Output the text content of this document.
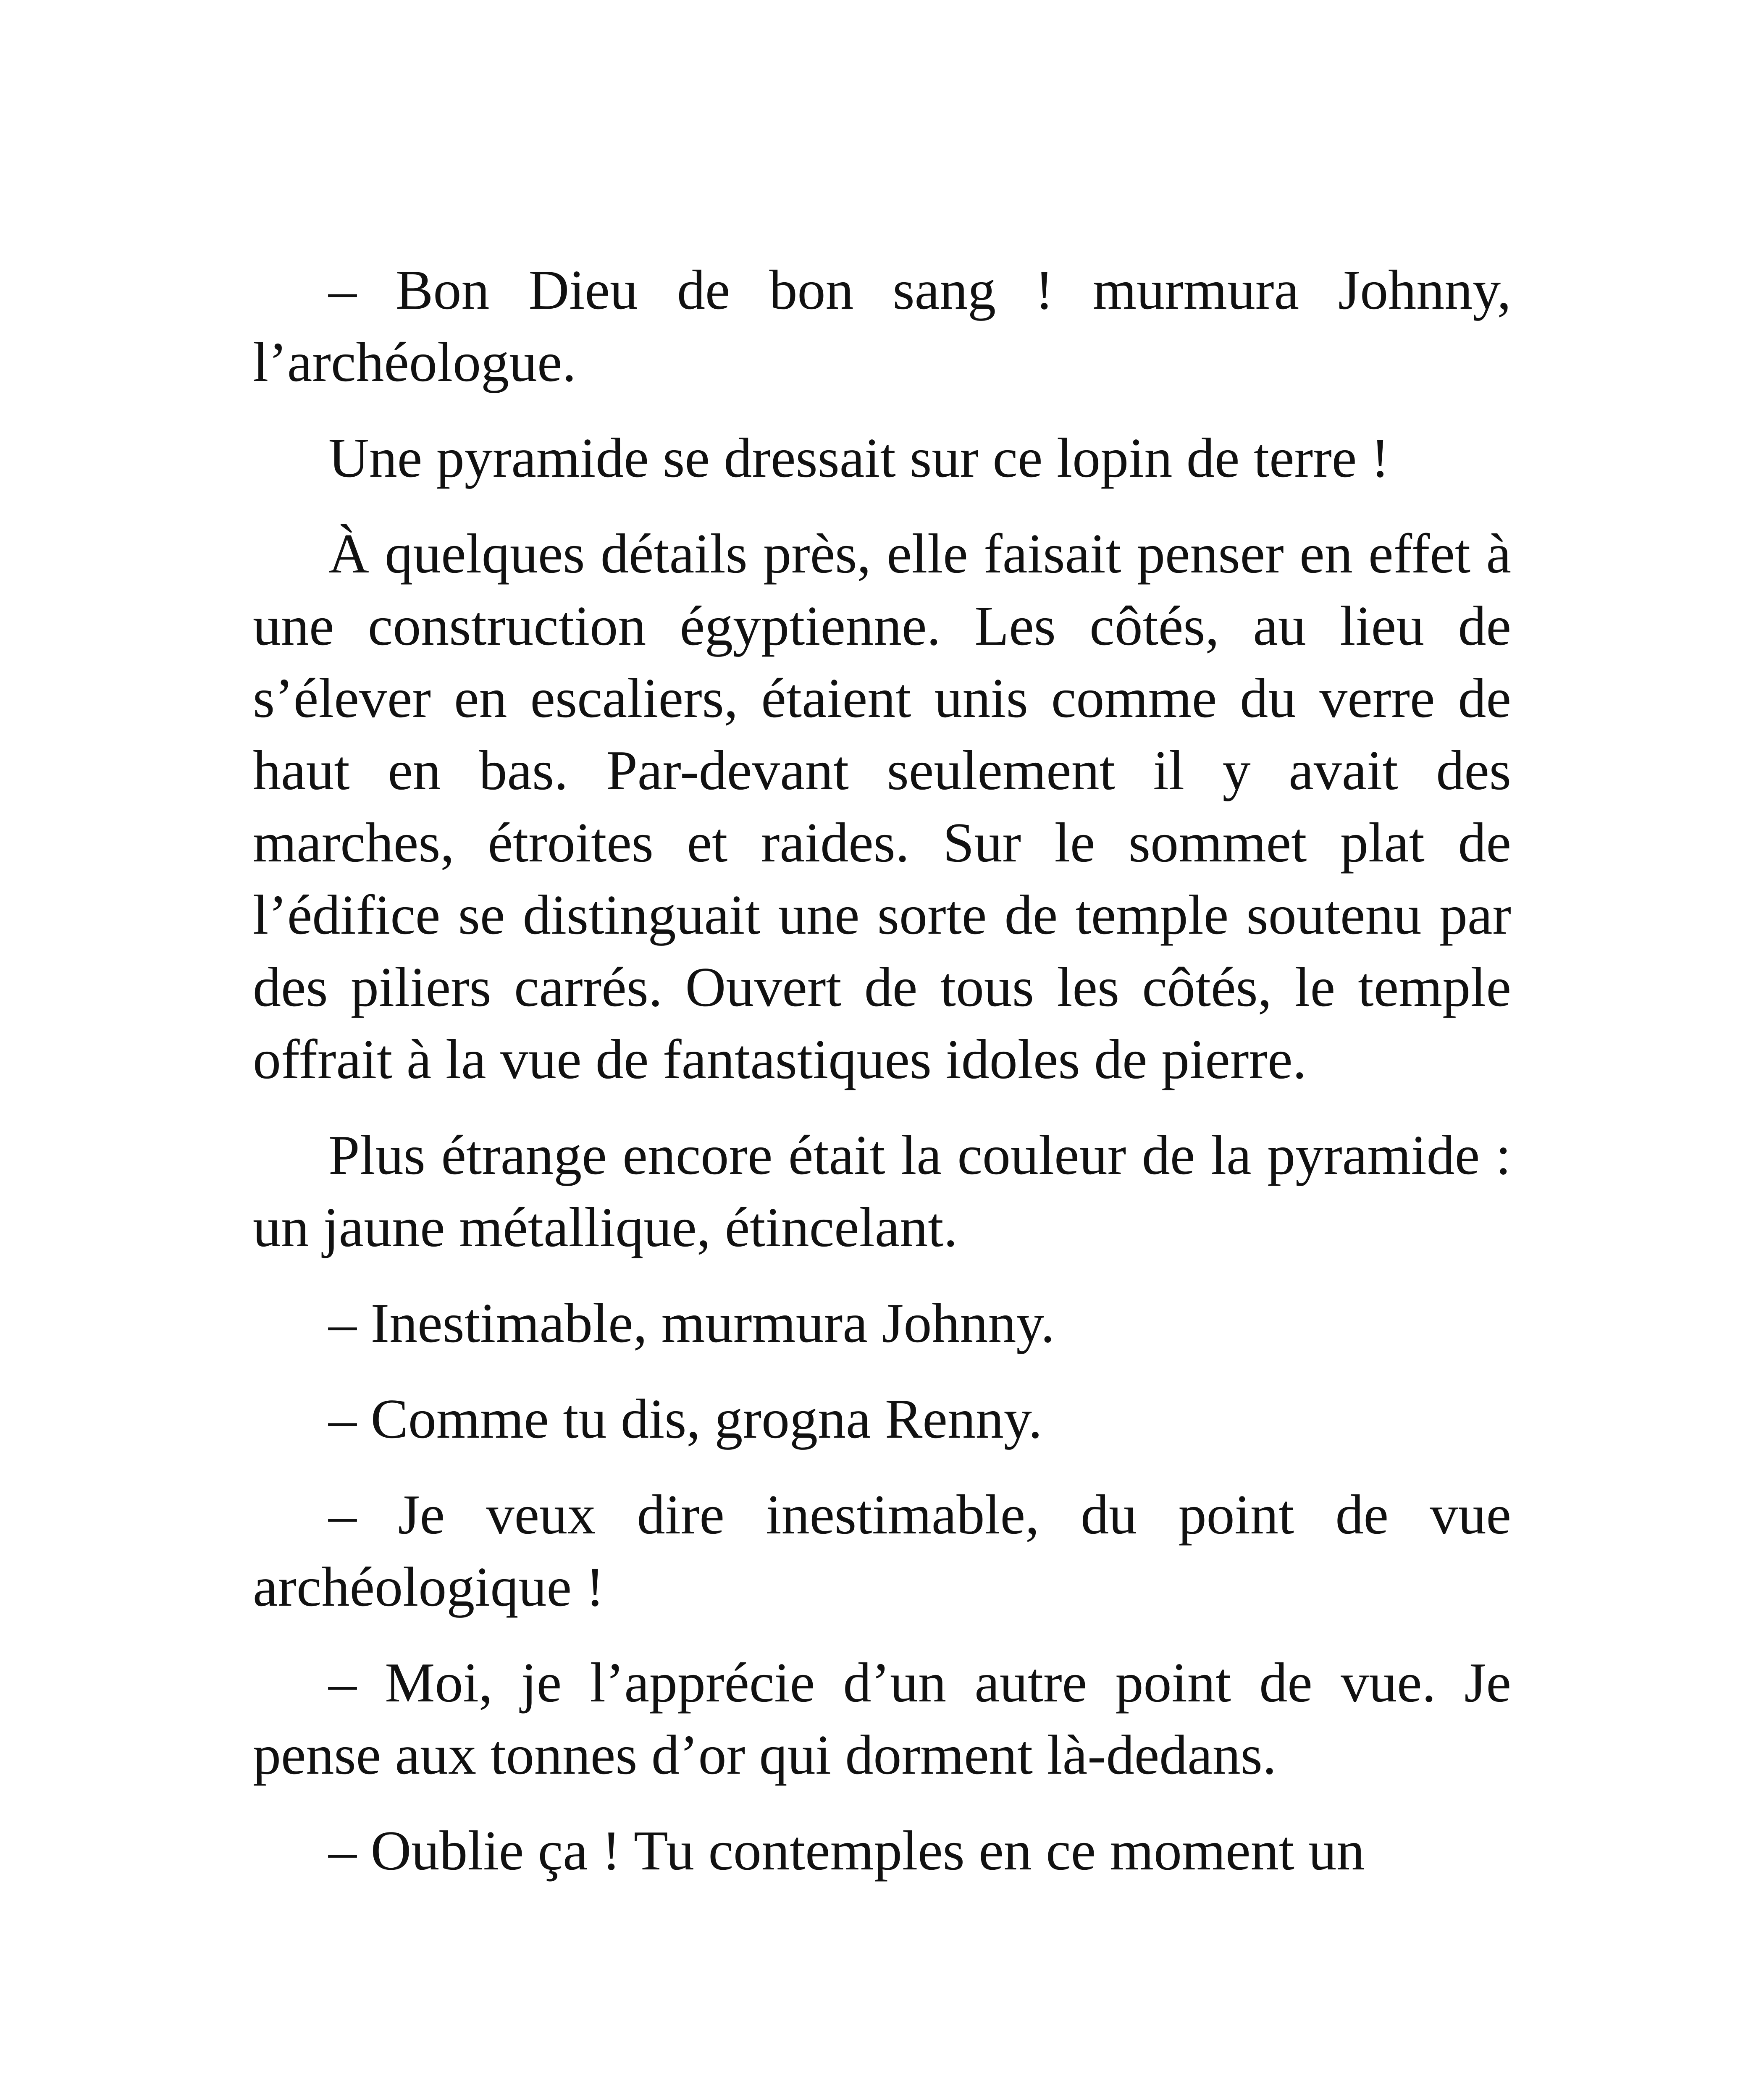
– Bon Dieu de bon sang ! murmura Johnny, l’archéologue.

Une pyramide se dressait sur ce lopin de terre !

À quelques détails près, elle faisait penser en effet à une construction égyptienne. Les côtés, au lieu de s’élever en escaliers, étaient unis comme du verre de haut en bas. Par-devant seulement il y avait des marches, étroites et raides. Sur le sommet plat de l’édifice se distinguait une sorte de temple soutenu par des piliers carrés. Ouvert de tous les côtés, le temple offrait à la vue de fantastiques idoles de pierre.

Plus étrange encore était la couleur de la pyramide : un jaune métallique, étincelant.

– Inestimable, murmura Johnny.

– Comme tu dis, grogna Renny.

– Je veux dire inestimable, du point de vue archéologique !

– Moi, je l’apprécie d’un autre point de vue. Je pense aux tonnes d’or qui dorment là-dedans.

– Oublie ça ! Tu contemples en ce moment un
